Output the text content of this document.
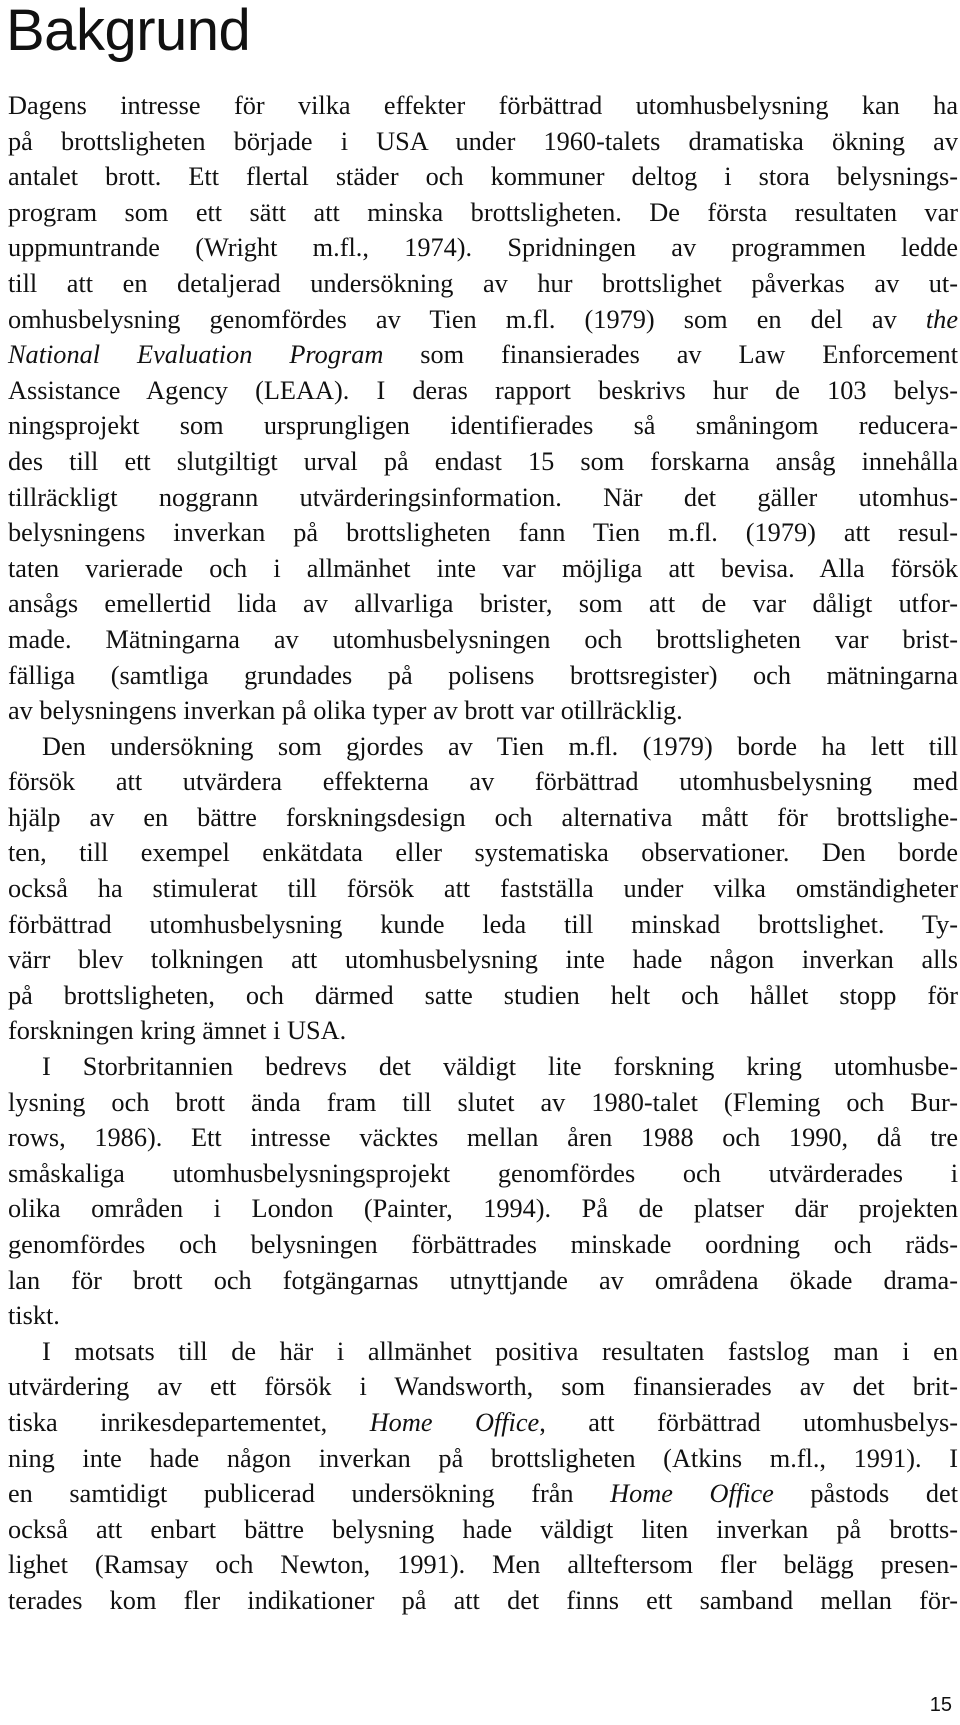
Bakgrund
Dagens intresse för vilka effekter förbättrad utomhusbelysning kan ha
på brottsligheten började i USA under 1960-talets dramatiska ökning av
antalet brott. Ett flertal städer och kommuner deltog i stora belysnings-
program som ett sätt att minska brottsligheten. De första resultaten var
uppmuntrande (Wright m.fl., 1974). Spridningen av programmen ledde
till att en detaljerad undersökning av hur brottslighet påverkas av ut-
omhusbelysning genomfördes av Tien m.fl. (1979) som en del av the
National Evaluation Program som finansierades av Law Enforcement
Assistance Agency (LEAA). I deras rapport beskrivs hur de 103 belys-
ningsprojekt som ursprungligen identifierades så småningom reducera-
des till ett slutgiltigt urval på endast 15 som forskarna ansåg innehålla
tillräckligt noggrann utvärderingsinformation. När det gäller utomhus-
belysningens inverkan på brottsligheten fann Tien m.fl. (1979) att resul-
taten varierade och i allmänhet inte var möjliga att bevisa. Alla försök
ansågs emellertid lida av allvarliga brister, som att de var dåligt utfor-
made. Mätningarna av utomhusbelysningen och brottsligheten var brist-
fälliga (samtliga grundades på polisens brottsregister) och mätningarna
av belysningens inverkan på olika typer av brott var otillräcklig.
Den undersökning som gjordes av Tien m.fl. (1979) borde ha lett till
försök att utvärdera effekterna av förbättrad utomhusbelysning med
hjälp av en bättre forskningsdesign och alternativa mått för brottslighe-
ten, till exempel enkätdata eller systematiska observationer. Den borde
också ha stimulerat till försök att fastställa under vilka omständigheter
förbättrad utomhusbelysning kunde leda till minskad brottslighet. Ty-
värr blev tolkningen att utomhusbelysning inte hade någon inverkan alls
på brottsligheten, och därmed satte studien helt och hållet stopp för
forskningen kring ämnet i USA.
I Storbritannien bedrevs det väldigt lite forskning kring utomhusbe-
lysning och brott ända fram till slutet av 1980-talet (Fleming och Bur-
rows, 1986). Ett intresse väcktes mellan åren 1988 och 1990, då tre
småskaliga utomhusbelysningsprojekt genomfördes och utvärderades i
olika områden i London (Painter, 1994). På de platser där projekten
genomfördes och belysningen förbättrades minskade oordning och räds-
lan för brott och fotgängarnas utnyttjande av områdena ökade drama-
tiskt.
I motsats till de här i allmänhet positiva resultaten fastslog man i en
utvärdering av ett försök i Wandsworth, som finansierades av det brit-
tiska inrikesdepartementet, Home Office, att förbättrad utomhusbelys-
ning inte hade någon inverkan på brottsligheten (Atkins m.fl., 1991). I
en samtidigt publicerad undersökning från Home Office påstods det
också att enbart bättre belysning hade väldigt liten inverkan på brotts-
lighet (Ramsay och Newton, 1991). Men allteftersom fler belägg presen-
terades kom fler indikationer på att det finns ett samband mellan för-
15
